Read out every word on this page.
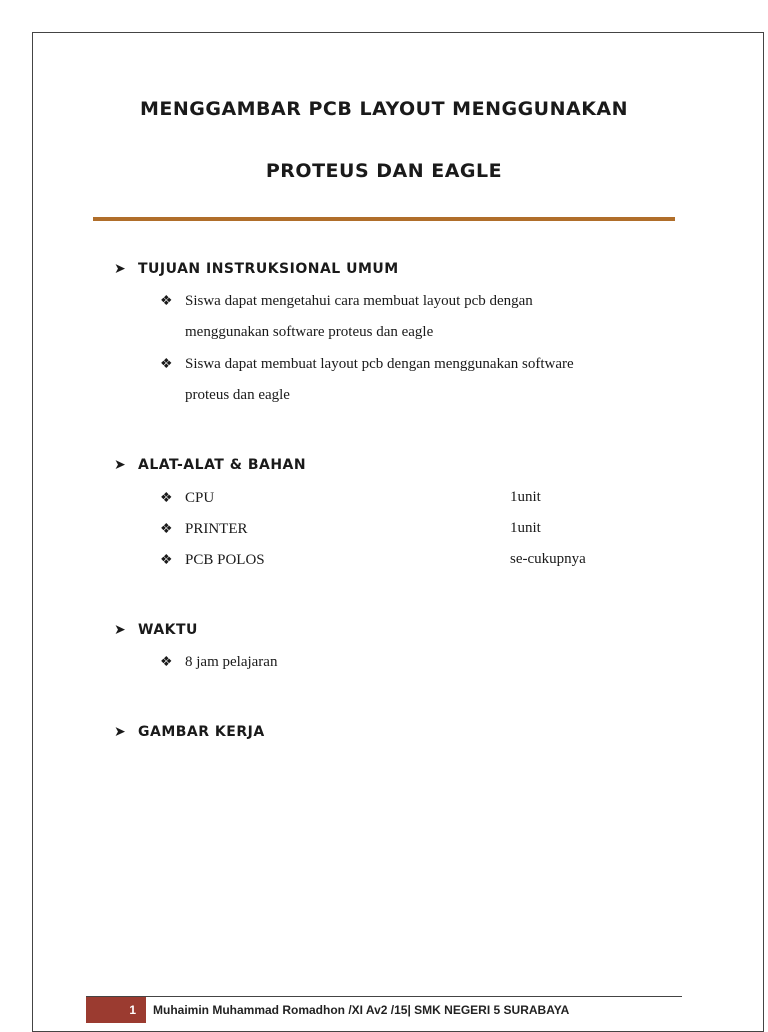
MENGGAMBAR PCB LAYOUT MENGGUNAKAN
PROTEUS DAN EAGLE
➤ TUJUAN INSTRUKSIONAL UMUM
❖ Siswa dapat mengetahui cara membuat layout pcb dengan
menggunakan software proteus dan eagle
❖ Siswa dapat membuat layout pcb dengan menggunakan software
proteus dan eagle
➤ ALAT-ALAT & BAHAN
❖ CPU	1unit
❖ PRINTER	1unit
❖ PCB POLOS	se-cukupnya
➤ WAKTU
❖ 8 jam pelajaran
➤ GAMBAR KERJA
1	Muhaimin Muhammad Romadhon /XI Av2 /15| SMK NEGERI 5 SURABAYA
